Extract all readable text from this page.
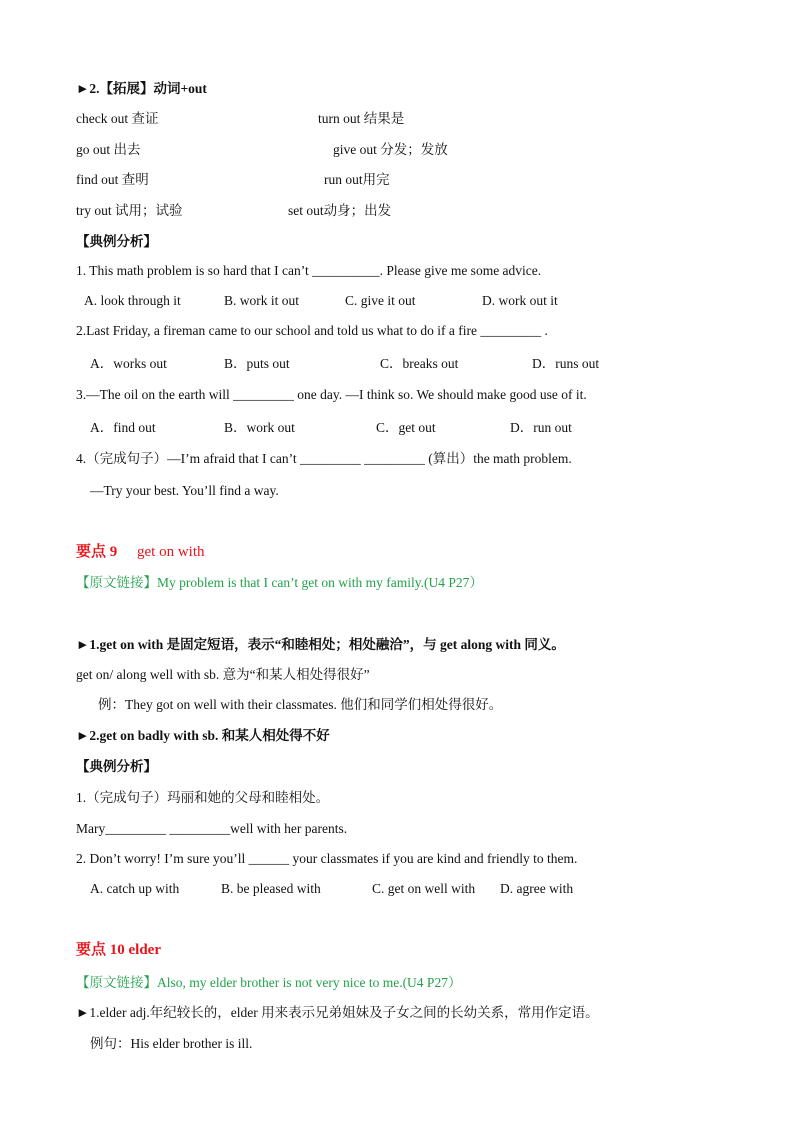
►2.【拓展】动词+out
check out 查证	turn out 结果是
go out 出去	give out 分发；发放
find out 查明	run out用完
try out 试用；试验	set out动身；出发
【典例分析】
1. This math problem is so hard that I can’t __________. Please give me some advice.
A. look through it	B. work it out	C. give it out	D. work out it
2.Last Friday, a fireman came to our school and told us what to do if a fire _________ .
A．works out	B．puts out	C．breaks out	D．runs out
3.—The oil on the earth will _________ one day. —I think so. We should make good use of it.
A．find out	B．work out	C．get out	D．run out
4.（完成句子）—I’m afraid that I can’t _________ _________ (算出）the math problem.
—Try your best. You’ll find a way.
要点 9 get on with
【原文链接】My problem is that I can’t get on with my family.(U4 P27）
►1.get on with 是固定短语，表示“和睦相处；相处融洽”，与 get along with 同义。
get on/ along well with sb. 意为“和某人相处得很好”
例：They got on well with their classmates. 他们和同学们相处得很好。
►2.get on badly with sb. 和某人相处得不好
【典例分析】
1.（完成句子）玛丽和她的父母和睦相处。
Mary_________ _________well with her parents.
2. Don’t worry! I’m sure you’ll ______ your classmates if you are kind and friendly to them.
A. catch up with	B. be pleased with	C. get on well with D. agree with
要点 10 elder
【原文链接】Also, my elder brother is not very nice to me.(U4 P27）
►1.elder adj.年纪较长的，elder 用来表示兄弟姐妹及子女之间的长幼关系，常用作定语。
例句：His elder brother is ill.
